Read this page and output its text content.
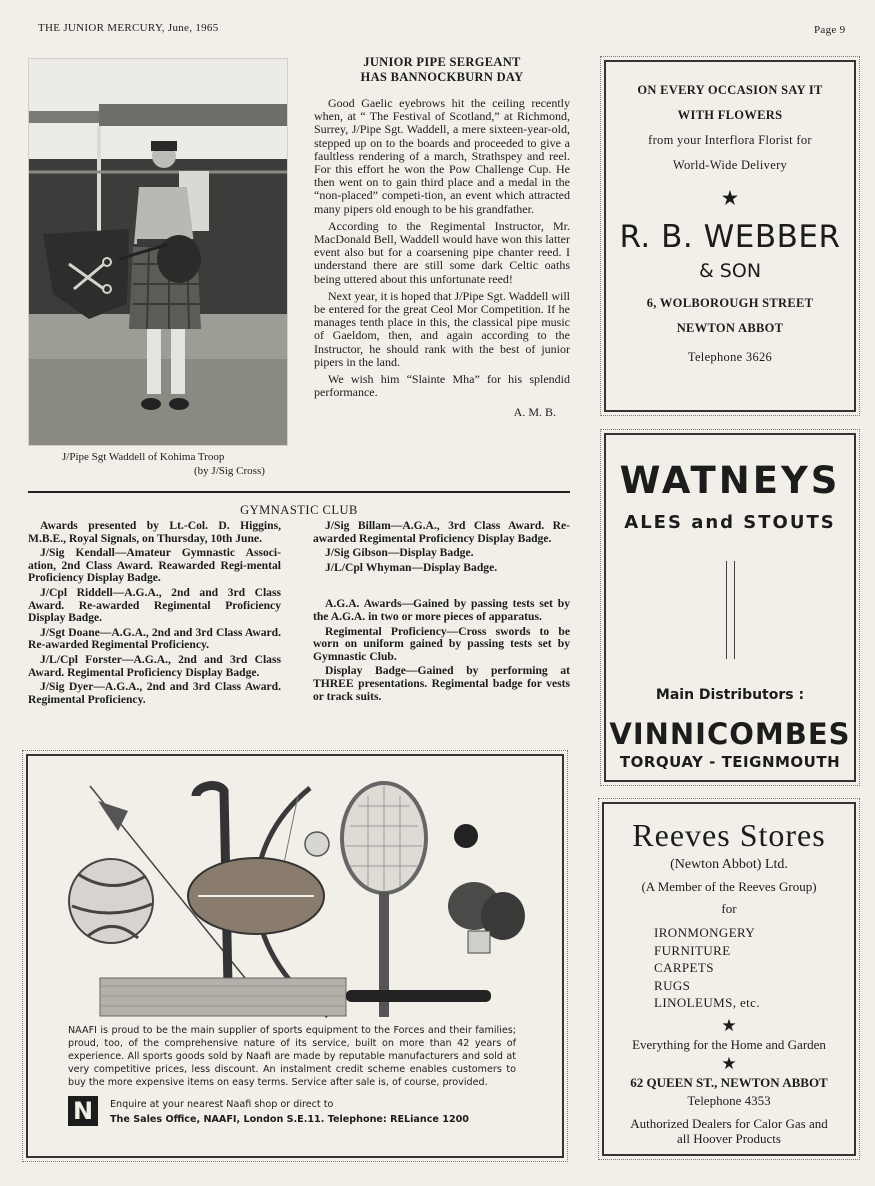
THE JUNIOR MERCURY, June, 1965	Page 9
J/Pipe Sgt Waddell of Kohima Troop
(by J/Sig Cross)
JUNIOR PIPE SERGEANT
HAS BANNOCKBURN DAY

Good Gaelic eyebrows hit the ceiling recently when, at “ The Festival of Scotland,” at Richmond, Surrey, J/Pipe Sgt. Waddell, a mere sixteen-year-old, stepped up on to the boards and proceeded to give a faultless rendering of a march, Strathspey and reel. For this effort he won the Pow Challenge Cup. He then went on to gain third place and a medal in the “non-placed” competi-tion, an event which attracted many pipers old enough to be his grandfather.

According to the Regimental Instructor, Mr. MacDonald Bell, Waddell would have won this latter event also but for a coarsening pipe chanter reed. I understand there are still some dark Celtic oaths being uttered about this unfortunate reed!

Next year, it is hoped that J/Pipe Sgt. Waddell will be entered for the great Ceol Mor Competition. If he manages tenth place in this, the classical pipe music of Gaeldom, then, and again according to the Instructor, he should rank with the best of junior pipers in the land.

We wish him “Slainte Mha” for his splendid performance.

A. M. B.
GYMNASTIC CLUB

Awards presented by Lt.-Col. D. Higgins, M.B.E., Royal Signals, on Thursday, 10th June.

J/Sig Kendall—Amateur Gymnastic Associ-ation, 2nd Class Award. Reawarded Regi-mental Proficiency Display Badge.

J/Cpl Riddell—A.G.A., 2nd and 3rd Class Award. Re-awarded Regimental Proficiency Display Badge.

J/Sgt Doane—A.G.A., 2nd and 3rd Class Award. Re-awarded Regimental Proficiency.

J/L/Cpl Forster—A.G.A., 2nd and 3rd Class Award. Regimental Proficiency Display Badge.

J/Sig Dyer—A.G.A., 2nd and 3rd Class Award. Regimental Proficiency.

J/Sig Billam—A.G.A., 3rd Class Award. Re-awarded Regimental Proficiency Display Badge.

J/Sig Gibson—Display Badge.

J/L/Cpl Whyman—Display Badge.

A.G.A. Awards—Gained by passing tests set by the A.G.A. in two or more pieces of apparatus.

Regimental Proficiency—Cross swords to be worn on uniform gained by passing tests set by Gymnastic Club.

Display Badge—Gained by performing at THREE presentations. Regimental badge for vests or track suits.

ON EVERY OCCASION SAY IT
WITH FLOWERS
from your Interflora Florist for
World-Wide Delivery
★
R. B. WEBBER
& SON
6, WOLBOROUGH STREET
NEWTON ABBOT
Telephone 3626
WATNEYS
ALES and STOUTS
Main Distributors :
VINNICOMBES
TORQUAY - TEIGNMOUTH
Reeves Stores
(Newton Abbot) Ltd.
(A Member of the Reeves Group)
for
IRONMONGERY
FURNITURE
CARPETS
RUGS
LINOLEUMS, etc.
★
Everything for the Home and Garden
★
62 QUEEN ST., NEWTON ABBOT
Telephone 4353
Authorized Dealers for Calor Gas and
all Hoover Products
NAAFI is proud to be the main supplier of sports equipment to the Forces and their families; proud, too, of the comprehensive nature of its service, built on more than 42 years of experience. All sports goods sold by Naafi are made by reputable manufacturers and sold at very competitive prices, less discount. An instalment credit scheme enables customers to buy the more expensive items on easy terms. Service after sale is, of course, provided.
N	Enquire at your nearest Naafi shop or direct to
The Sales Office, NAAFI, London S.E.11. Telephone: RELiance 1200
